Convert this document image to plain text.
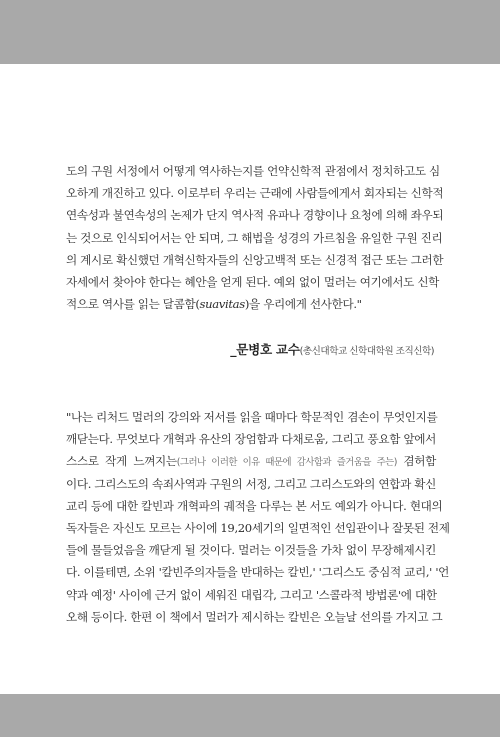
도의 구원 서정에서 어떻게 역사하는지를 언약신학적 관점에서 정치하고도 심
오하게 개진하고 있다. 이로부터 우리는 근래에 사람들에게서 회자되는 신학적
연속성과 불연속성의 논제가 단지 역사적 유파나 경향이나 요청에 의해 좌우되
는 것으로 인식되어서는 안 되며, 그 해법을 성경의 가르침을 유일한 구원 진리
의 계시로 확신했던 개혁신학자들의 신앙고백적 또는 신경적 접근 또는 그러한
자세에서 찾아야 한다는 혜안을 얻게 된다. 예외 없이 멀러는 여기에서도 신학
적으로 역사를 읽는 달콤함(suavitas)을 우리에게 선사한다."
_문병호 교수(총신대학교 신학대학원 조직신학)
"나는 리처드 멀러의 강의와 저서를 읽을 때마다 학문적인 겸손이 무엇인지를
깨닫는다. 무엇보다 개혁과 유산의 장엄함과 다채로움, 그리고 풍요함 앞에서
스스로 작게 느껴지는(그러나 이러한 이유 때문에 감사함과 즐거움을 주는) 겸허함
이다. 그리스도의 속죄사역과 구원의 서정, 그리고 그리스도와의 연합과 확신
교리 등에 대한 칼빈과 개혁파의 궤적을 다루는 본 서도 예외가 아니다. 현대의
독자들은 자신도 모르는 사이에 19,20세기의 일면적인 선입관이나 잘못된 전제
들에 물들었음을 깨닫게 될 것이다. 멀러는 이것들을 가차 없이 무장해제시킨
다. 이를테면, 소위 '칼빈주의자들을 반대하는 칼빈,' '그리스도 중심적 교리,' '언
약과 예정' 사이에 근거 없이 세워진 대립각, 그리고 '스콜라적 방법론'에 대한
오해 등이다. 한편 이 책에서 멀러가 제시하는 칼빈은 오늘날 선의를 가지고 그
